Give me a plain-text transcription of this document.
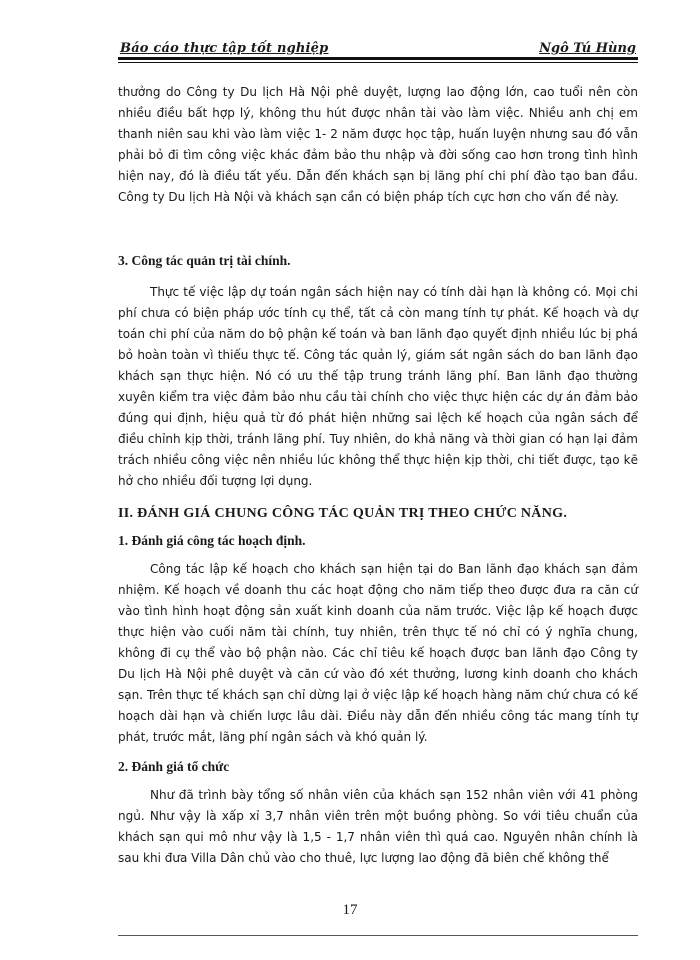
Báo cáo thực tập tốt nghiệp	Ngô Tú Hùng

thưởng do Công ty Du lịch Hà Nội phê duyệt, lượng lao động lớn, cao tuổi nên còn nhiều điều bất hợp lý, không thu hút được nhân tài vào làm việc. Nhiều anh chị em thanh niên sau khi vào làm việc 1- 2 năm được học tập, huấn luyện nhưng sau đó vẫn phải bỏ đi tìm công việc khác đảm bảo thu nhập và đời sống cao hơn trong tình hình hiện nay, đó là điều tất yếu. Dẫn đến khách sạn bị lãng phí chi phí đào tạo ban đầu. Công ty Du lịch Hà Nội và khách sạn cần có biện pháp tích cực hơn cho vấn đề này.

3. Công tác quản trị tài chính.

Thực tế việc lập dự toán ngân sách hiện nay có tính dài hạn là không có. Mọi chi phí chưa có biện pháp ước tính cụ thể, tất cả còn mang tính tự phát. Kế hoạch và dự toán chi phí của năm do bộ phận kế toán và ban lãnh đạo quyết định nhiều lúc bị phá bỏ hoàn toàn vì thiếu thực tế. Công tác quản lý, giám sát ngân sách do ban lãnh đạo khách sạn thực hiện. Nó có ưu thế tập trung tránh lãng phí. Ban lãnh đạo thường xuyên kiểm tra việc đảm bảo nhu cầu tài chính cho việc thực hiện các dự án đảm bảo đúng qui định, hiệu quả từ đó phát hiện những sai lệch kế hoạch của ngân sách để điều chỉnh kịp thời, tránh lãng phí. Tuy nhiên, do khả năng và thời gian có hạn lại đảm trách nhiều công việc nên nhiều lúc không thể thực hiện kịp thời, chi tiết được, tạo kẽ hở cho nhiều đối tượng lợi dụng.

II. ĐÁNH GIÁ CHUNG CÔNG TÁC QUẢN TRỊ THEO CHỨC NĂNG.

1. Đánh giá công tác hoạch định.

Công tác lập kế hoạch cho khách sạn hiện tại do Ban lãnh đạo khách sạn đảm nhiệm. Kế hoạch về doanh thu các hoạt động cho năm tiếp theo được đưa ra căn cứ vào tình hình hoạt động sản xuất kinh doanh của năm trước. Việc lập kế hoạch được thực hiện vào cuối năm tài chính, tuy nhiên, trên thực tế nó chỉ có ý nghĩa chung, không đi cụ thể vào bộ phận nào. Các chỉ tiêu kế hoạch được ban lãnh đạo Công ty Du lịch Hà Nội phê duyệt và căn cứ vào đó xét thưởng, lương kinh doanh cho khách sạn. Trên thực tế khách sạn chỉ dừng lại ở việc lập kế hoạch hàng năm chứ chưa có kế hoạch dài hạn và chiến lược lâu dài. Điều này dẫn đến nhiều công tác mang tính tự phát, trước mắt, lãng phí ngân sách và khó quản lý.

2. Đánh giá tổ chức

Như đã trình bày tổng số nhân viên của khách sạn 152 nhân viên với 41 phòng ngủ. Như vậy là xấp xỉ 3,7 nhân viên trên một buồng phòng. So với tiêu chuẩn của khách sạn qui mô như vậy là 1,5 - 1,7 nhân viên thì quá cao. Nguyên nhân chính là sau khi đưa Villa Dân chủ vào cho thuê, lực lượng lao động đã biên chế không thể

17
